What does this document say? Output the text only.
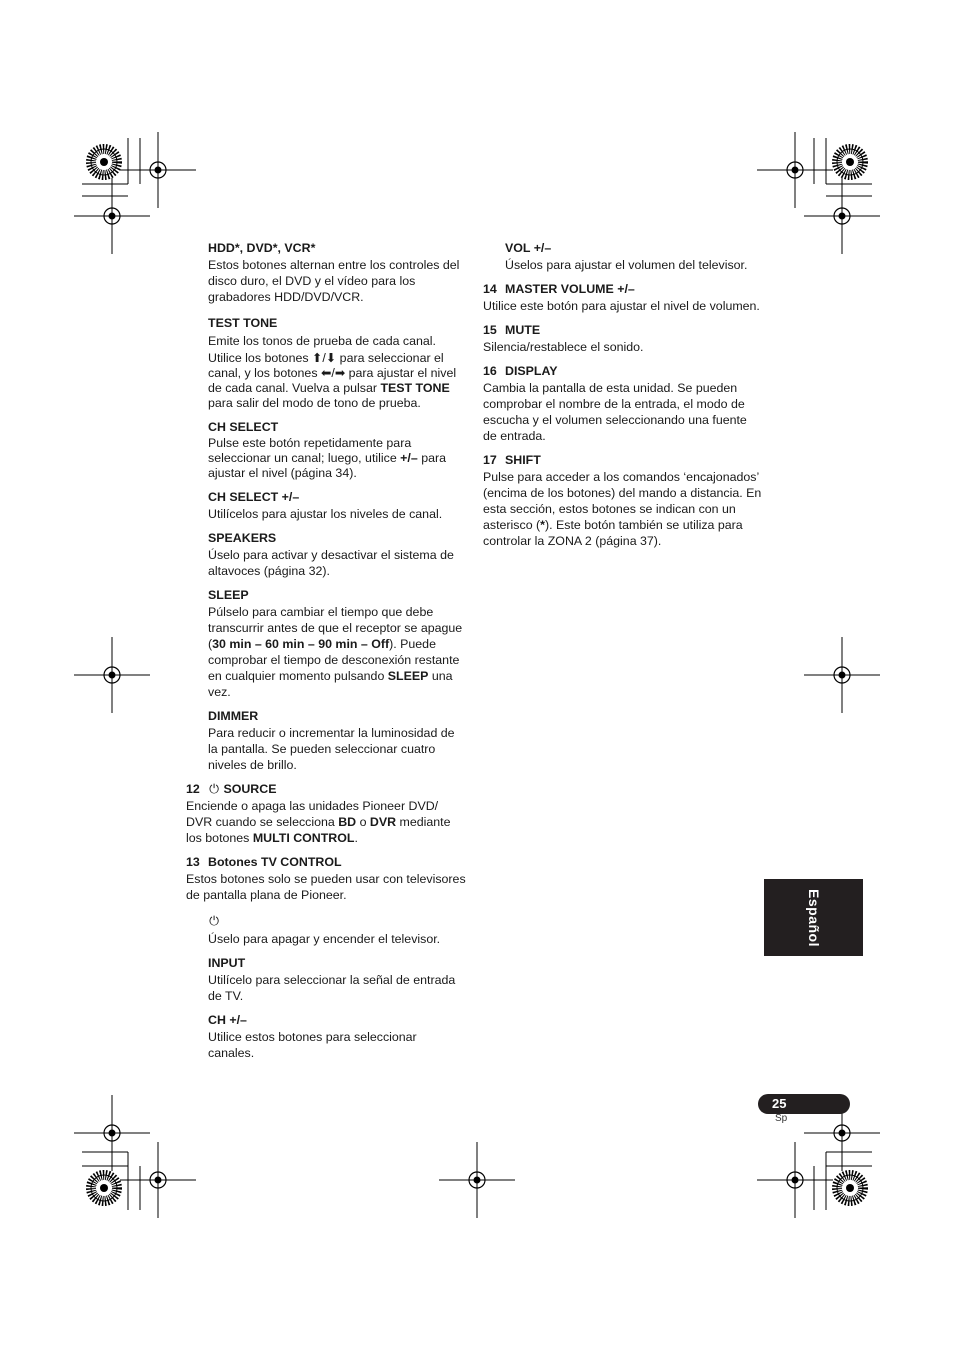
HDD*, DVD*, VCR*
Estos botones alternan entre los controles del disco duro, el DVD y el vídeo para los grabadores HDD/DVD/VCR.
TEST TONE
Emite los tonos de prueba de cada canal.
Utilice los botones ⬆/⬇ para seleccionar el canal, y los botones ⬅/➡ para ajustar el nivel de cada canal. Vuelva a pulsar TEST TONE para salir del modo de tono de prueba.
CH SELECT
Pulse este botón repetidamente para seleccionar un canal; luego, utilice +/– para ajustar el nivel (página 34).
CH SELECT +/–
Utilícelos para ajustar los niveles de canal.
SPEAKERS
Úselo para activar y desactivar el sistema de altavoces (página 32).
SLEEP
Púlselo para cambiar el tiempo que debe transcurrir antes de que el receptor se apague (30 min – 60 min – 90 min – Off). Puede comprobar el tiempo de desconexión restante en cualquier momento pulsando SLEEP una vez.
DIMMER
Para reducir o incrementar la luminosidad de la pantalla. Se pueden seleccionar cuatro niveles de brillo.
12 ⏻ SOURCE
Enciende o apaga las unidades Pioneer DVD/ DVR cuando se selecciona BD o DVR mediante los botones MULTI CONTROL.
13 Botones TV CONTROL
Estos botones solo se pueden usar con televisores de pantalla plana de Pioneer.
⏻
Úselo para apagar y encender el televisor.
INPUT
Utilícelo para seleccionar la señal de entrada de TV.
CH +/–
Utilice estos botones para seleccionar canales.
VOL +/–
Úselos para ajustar el volumen del televisor.
14 MASTER VOLUME +/–
Utilice este botón para ajustar el nivel de volumen.
15 MUTE
Silencia/restablece el sonido.
16 DISPLAY
Cambia la pantalla de esta unidad. Se pueden comprobar el nombre de la entrada, el modo de escucha y el volumen seleccionando una fuente de entrada.
17 SHIFT
Pulse para acceder a los comandos ‘encajonados’ (encima de los botones) del mando a distancia. En esta sección, estos botones se indican con un asterisco (*). Este botón también se utiliza para controlar la ZONA 2 (página 37).
Español
25
Sp
